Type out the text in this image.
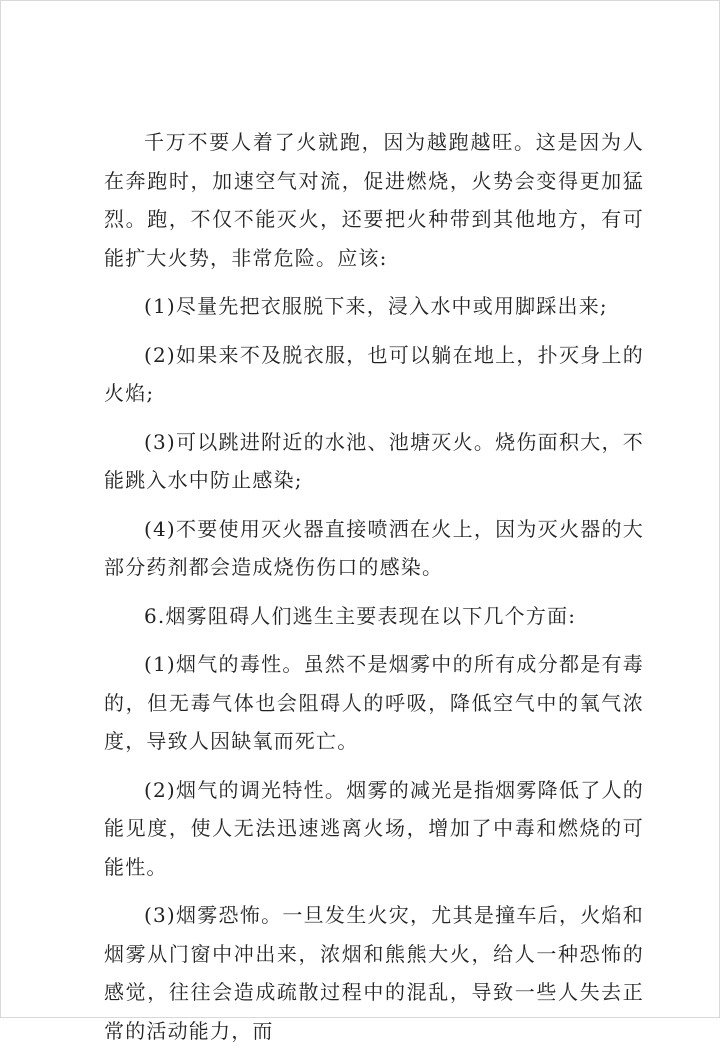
千万不要人着了火就跑，因为越跑越旺。这是因为人在奔跑时，加速空气对流，促进燃烧，火势会变得更加猛烈。跑，不仅不能灭火，还要把火种带到其他地方，有可能扩大火势，非常危险。应该:

(1)尽量先把衣服脱下来，浸入水中或用脚踩出来;

(2)如果来不及脱衣服，也可以躺在地上，扑灭身上的火焰;

(3)可以跳进附近的水池、池塘灭火。烧伤面积大，不能跳入水中防止感染;

(4)不要使用灭火器直接喷洒在火上，因为灭火器的大部分药剂都会造成烧伤伤口的感染。

6.烟雾阻碍人们逃生主要表现在以下几个方面:

(1)烟气的毒性。虽然不是烟雾中的所有成分都是有毒的，但无毒气体也会阻碍人的呼吸，降低空气中的氧气浓度，导致人因缺氧而死亡。

(2)烟气的调光特性。烟雾的减光是指烟雾降低了人的能见度，使人无法迅速逃离火场，增加了中毒和燃烧的可能性。

(3)烟雾恐怖。一旦发生火灾，尤其是撞车后，火焰和烟雾从门窗中冲出来，浓烟和熊熊大火，给人一种恐怖的感觉，往往会造成疏散过程中的混乱，导致一些人失去正常的活动能力，而
